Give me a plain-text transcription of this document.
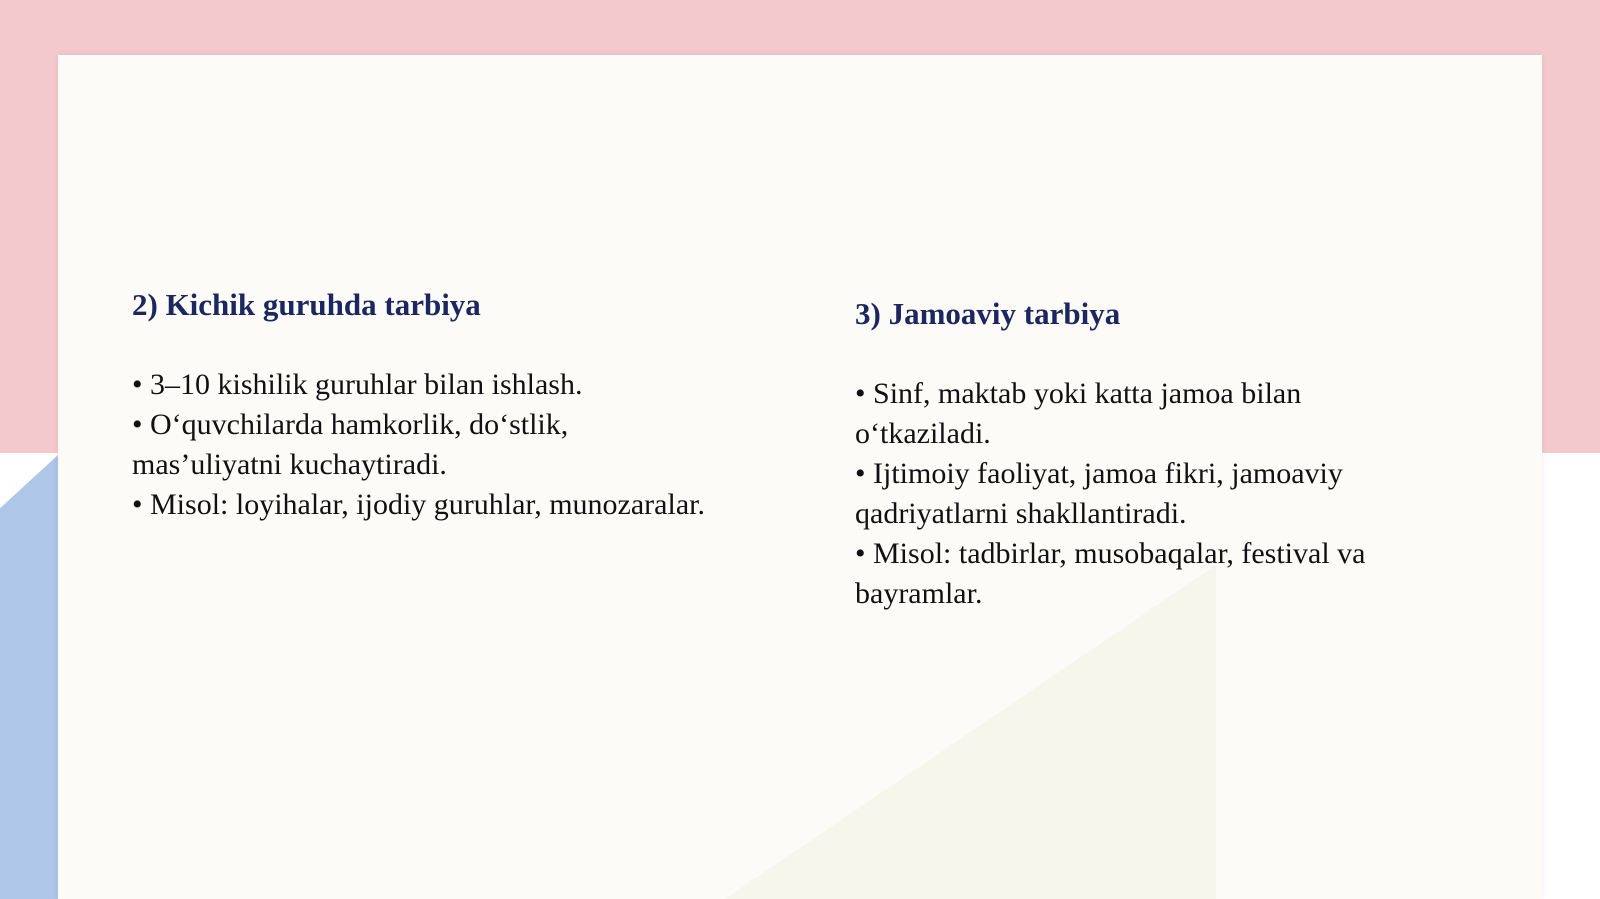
2) Kichik guruhda tarbiya

• 3–10 kishilik guruhlar bilan ishlash.
• O‘quvchilarda hamkorlik, do‘stlik,
mas’uliyatni kuchaytiradi.
• Misol: loyihalar, ijodiy guruhlar, munozaralar.

3) Jamoaviy tarbiya

• Sinf, maktab yoki katta jamoa bilan
o‘tkaziladi.
• Ijtimoiy faoliyat, jamoa fikri, jamoaviy
qadriyatlarni shakllantiradi.
• Misol: tadbirlar, musobaqalar, festival va
bayramlar.
